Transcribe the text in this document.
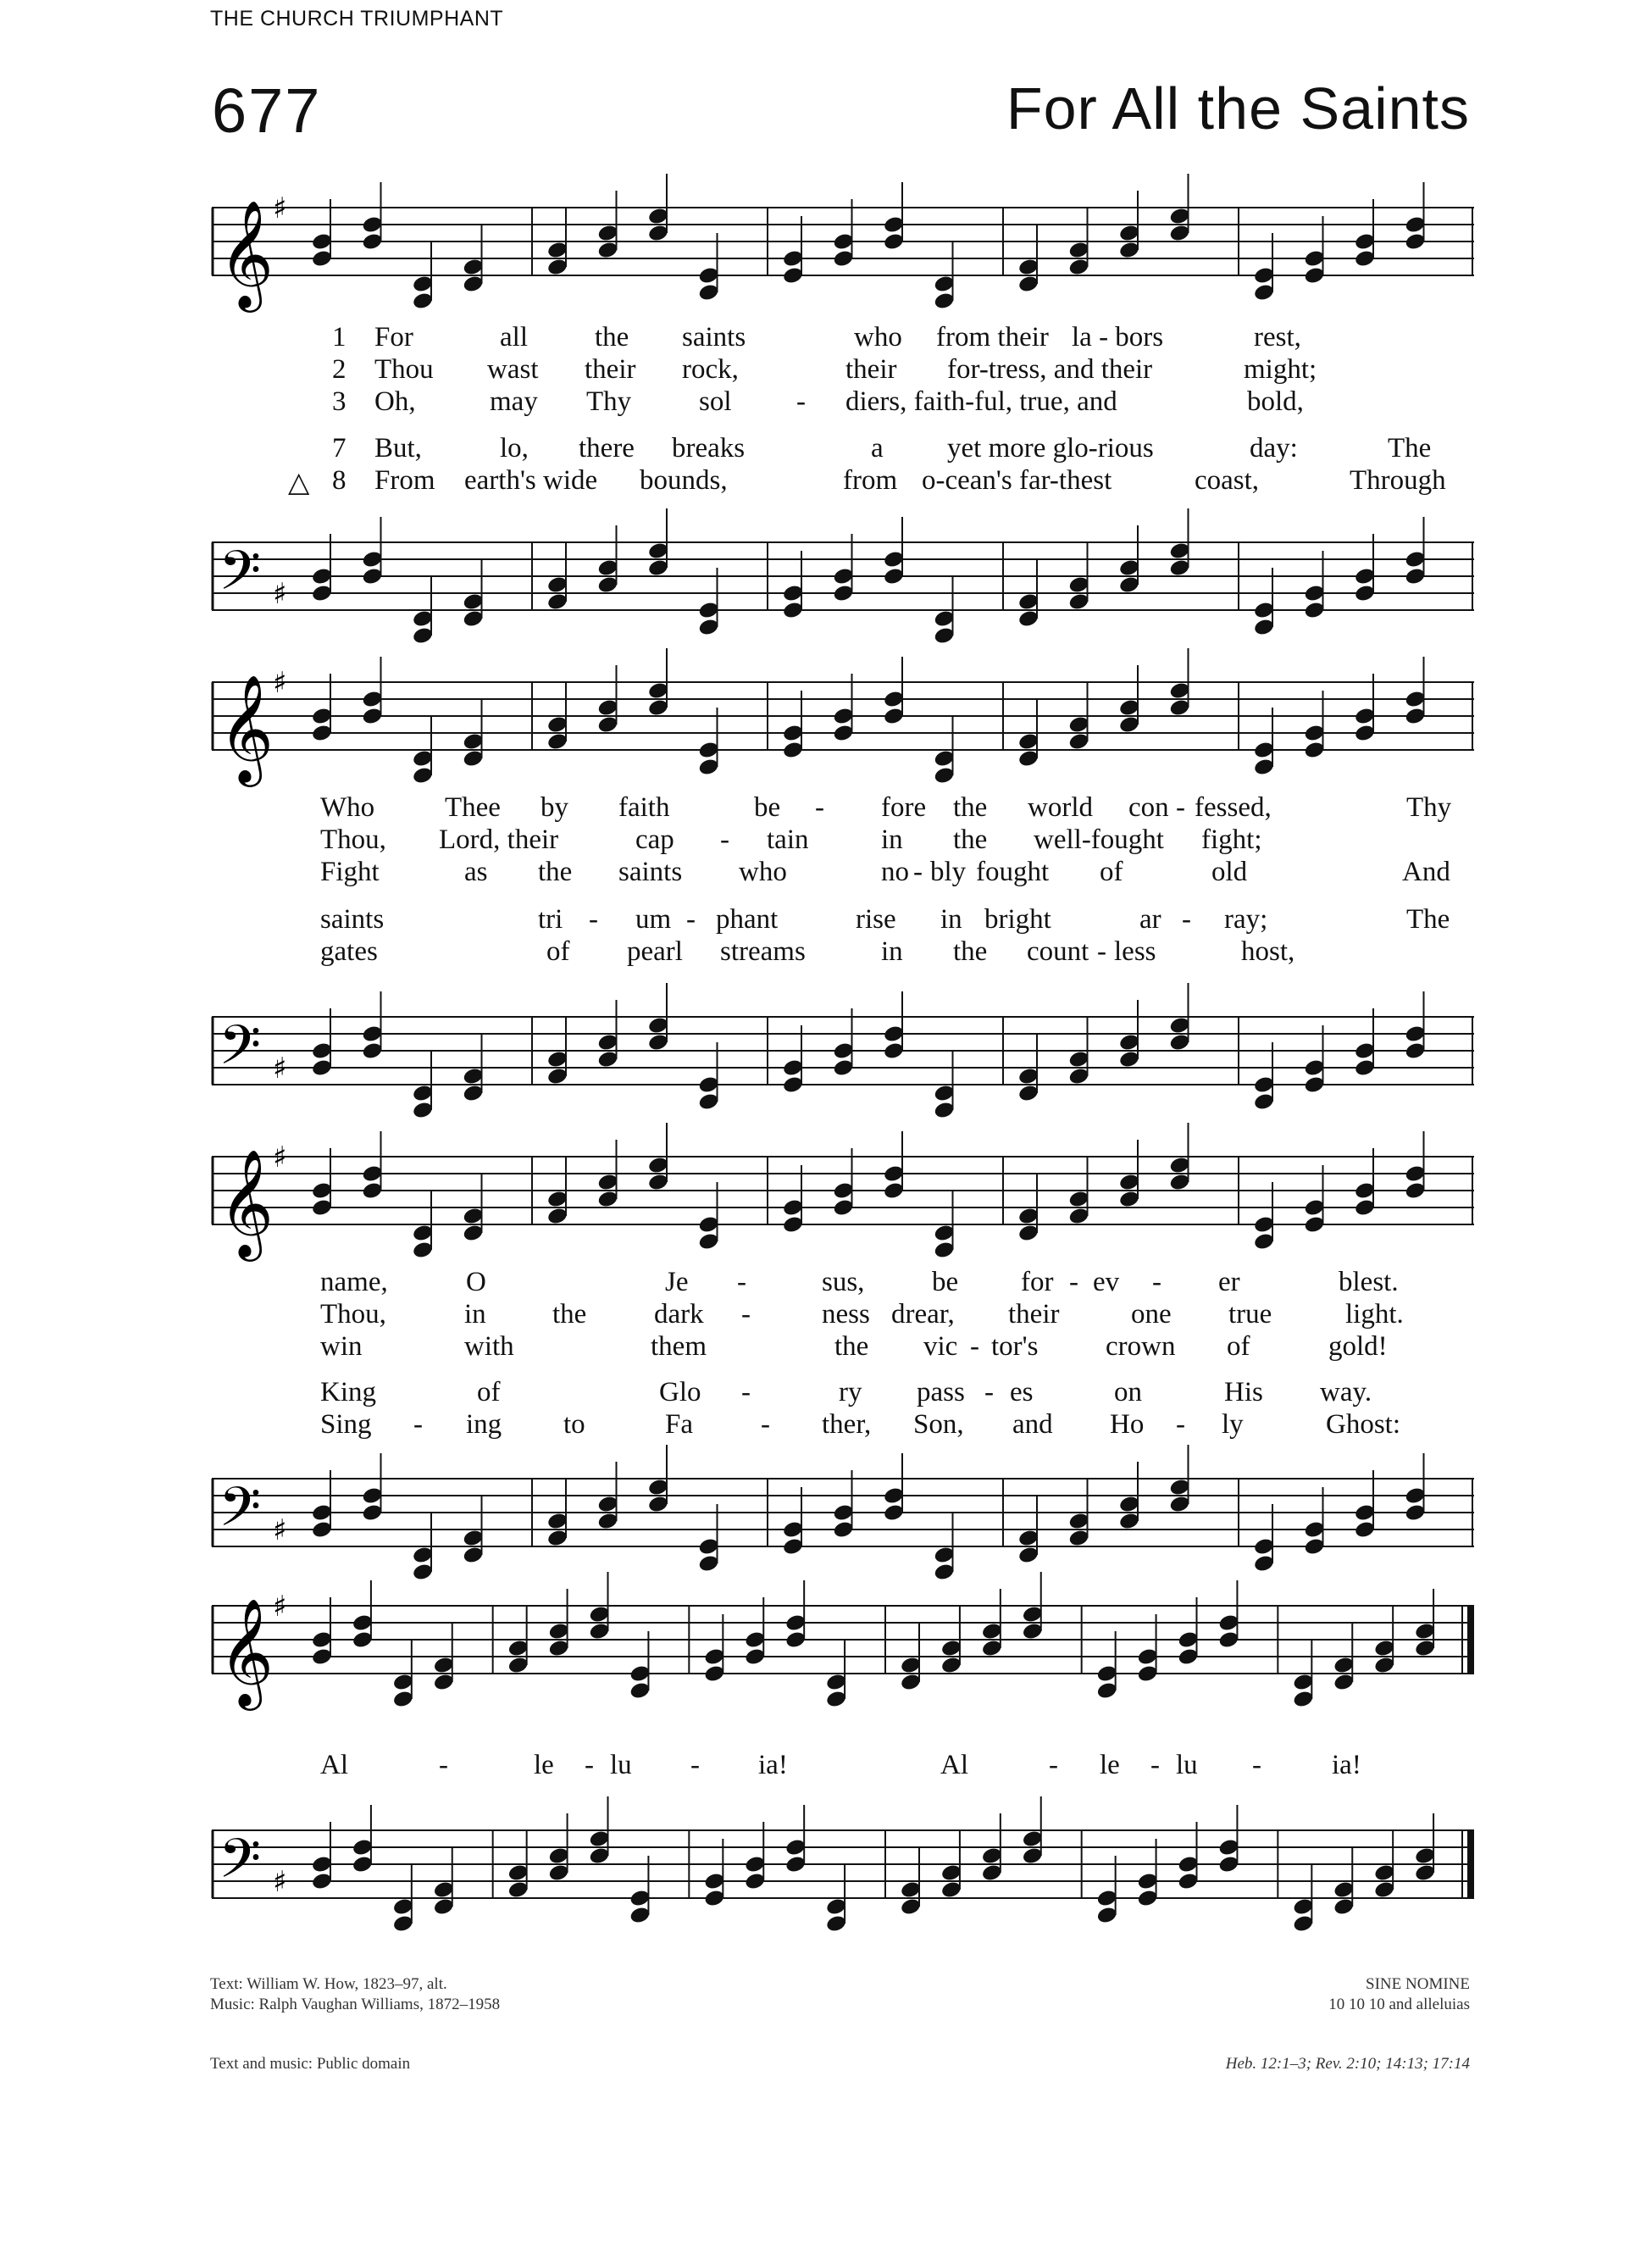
THE CHURCH TRIUMPHANT
677	For All the Saints
𝄞
♯
1 For	all the saints	who from their la - bors	rest,
2 Thou wast their rock,	their for-tress, and their	might;
3 Oh,	may Thy sol - diers, faith-ful, true, and	bold,
7 But,	lo, there breaks	a yet more glo-rious	day:	The
△ 8 From earth's wide bounds,	from o-cean's far-thest	coast,	Through
𝄢 ♯
𝄞
♯
Who	Thee by faith	be - fore the world con - fessed,	Thy
Thou, Lord, their	cap - tain	in the well-fought fight;
Fight	as the saints who	no - bly fought of	old	And
saints	tri - um - phant	rise in bright	ar - ray;	The
gates	of pearl streams	in the count - less	host,
𝄢 ♯
𝄞
♯
name,	O	Je -	sus, be for - ev - er	blest.
Thou,	in the dark -	ness drear, their	one true	light.
win	with	them	the vic - tor's crown of	gold!
King	of	Glo -	ry pass - es	on	His way.
Sing - ing to	Fa - ther, Son, and Ho - ly	Ghost:
𝄢 ♯
𝄞
♯
Al	-	le - lu - ia!	Al	- le - lu -	ia!
𝄢 ♯
Text: William W. How, 1823–97, alt.
Music: Ralph Vaughan Williams, 1872–1958
SINE NOMINE
10 10 10 and alleluias
Text and music: Public domain	Heb. 12:1–3; Rev. 2:10; 14:13; 17:14
